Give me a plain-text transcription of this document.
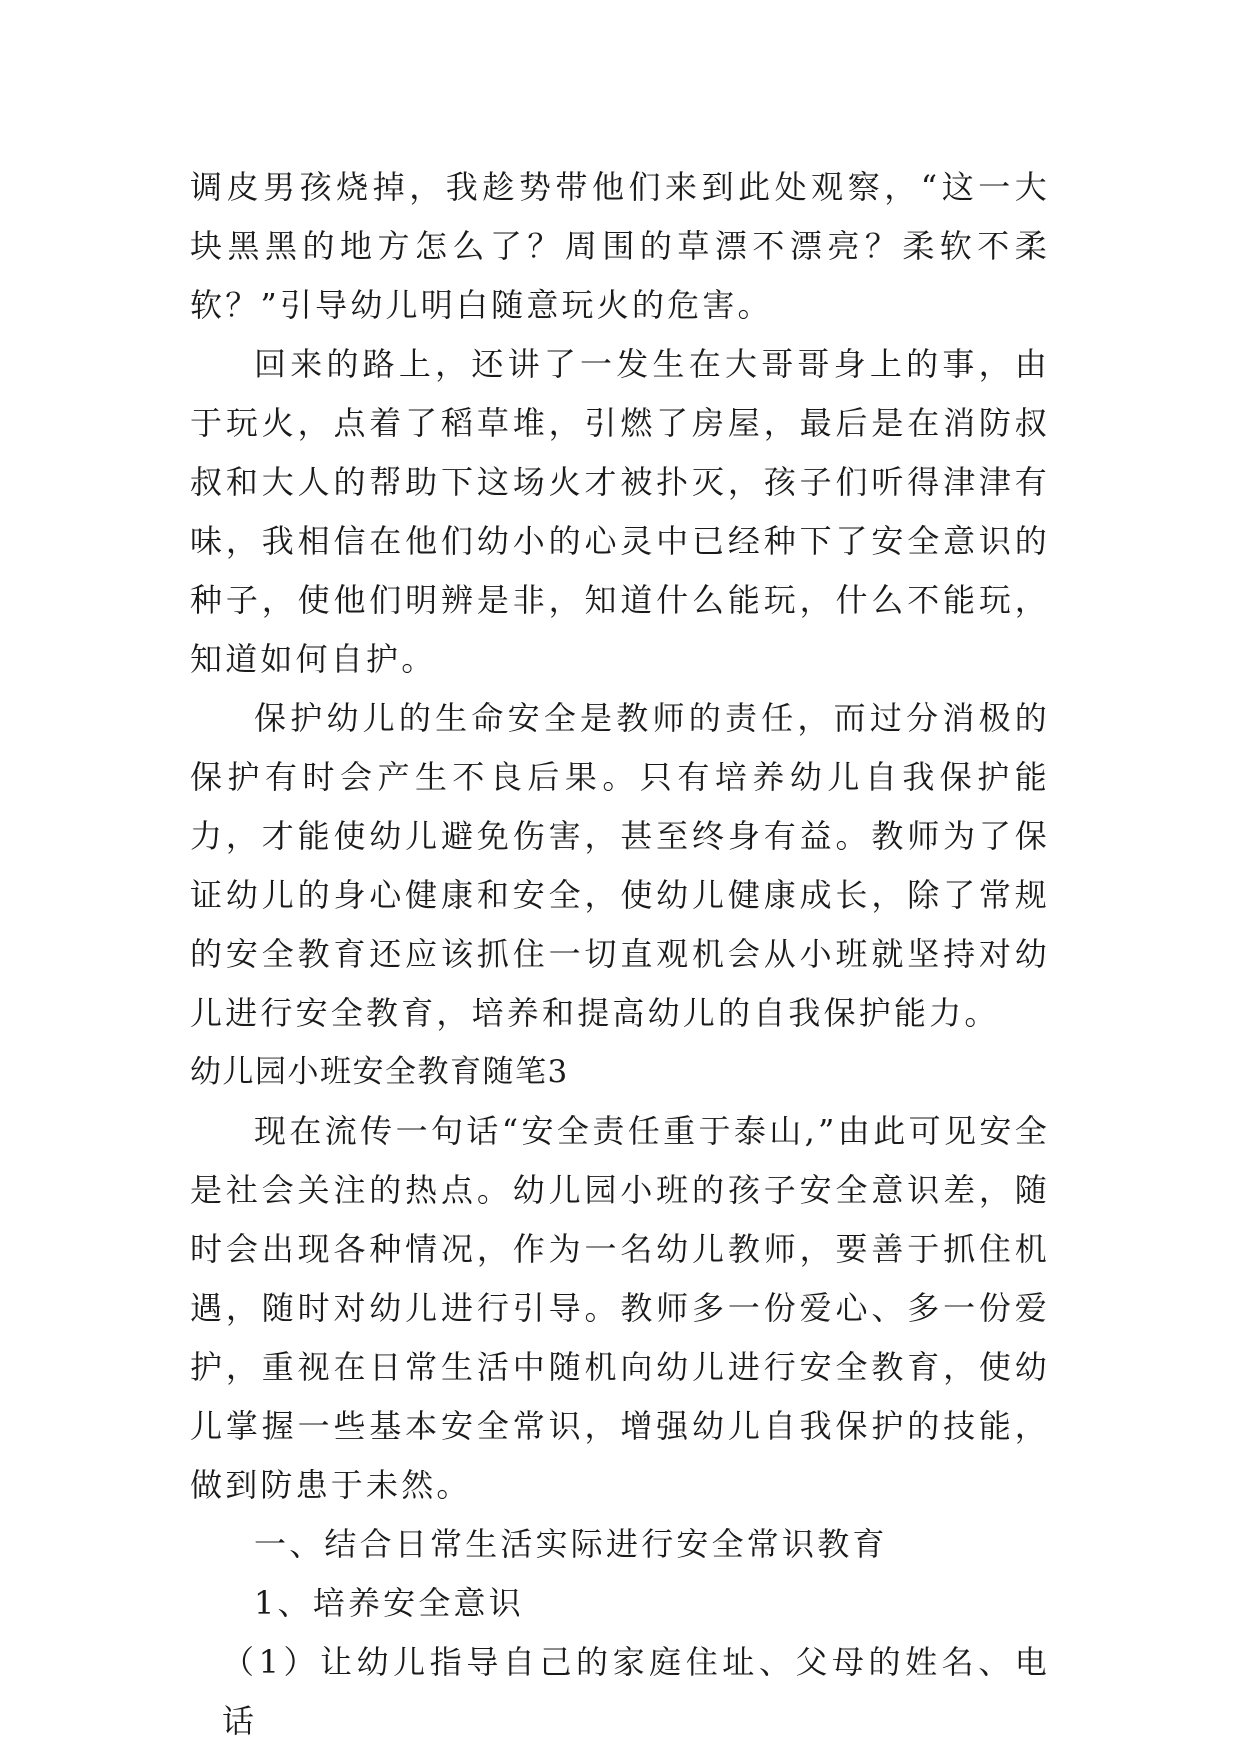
调皮男孩烧掉，我趁势带他们来到此处观察，“这一大块黑黑的地方怎么了？周围的草漂不漂亮？柔软不柔软？”引导幼儿明白随意玩火的危害。

回来的路上，还讲了一发生在大哥哥身上的事，由于玩火，点着了稻草堆，引燃了房屋，最后是在消防叔叔和大人的帮助下这场火才被扑灭，孩子们听得津津有味，我相信在他们幼小的心灵中已经种下了安全意识的种子，使他们明辨是非，知道什么能玩，什么不能玩，知道如何自护。

保护幼儿的生命安全是教师的责任，而过分消极的保护有时会产生不良后果。只有培养幼儿自我保护能力，才能使幼儿避免伤害，甚至终身有益。教师为了保证幼儿的身心健康和安全，使幼儿健康成长，除了常规的安全教育还应该抓住一切直观机会从小班就坚持对幼儿进行安全教育，培养和提高幼儿的自我保护能力。

幼儿园小班安全教育随笔3

现在流传一句话“安全责任重于泰山,”由此可见安全是社会关注的热点。幼儿园小班的孩子安全意识差，随时会出现各种情况，作为一名幼儿教师，要善于抓住机遇，随时对幼儿进行引导。教师多一份爱心、多一份爱护，重视在日常生活中随机向幼儿进行安全教育，使幼儿掌握一些基本安全常识，增强幼儿自我保护的技能，做到防患于未然。

一、结合日常生活实际进行安全常识教育

1、培养安全意识

（1）让幼儿指导自己的家庭住址、父母的姓名、电话
